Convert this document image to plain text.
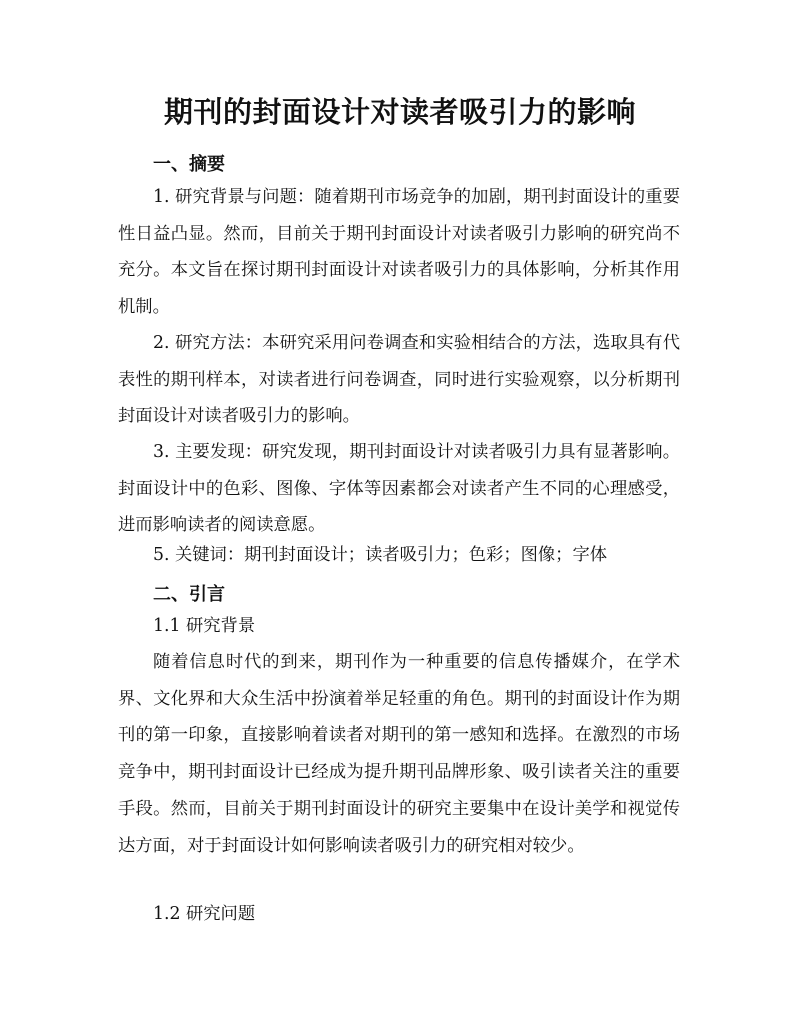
期刊的封面设计对读者吸引力的影响
一、摘要

1. 研究背景与问题：随着期刊市场竞争的加剧，期刊封面设计的重要性日益凸显。然而，目前关于期刊封面设计对读者吸引力影响的研究尚不充分。本文旨在探讨期刊封面设计对读者吸引力的具体影响，分析其作用机制。

2. 研究方法：本研究采用问卷调查和实验相结合的方法，选取具有代表性的期刊样本，对读者进行问卷调查，同时进行实验观察，以分析期刊封面设计对读者吸引力的影响。

3. 主要发现：研究发现，期刊封面设计对读者吸引力具有显著影响。封面设计中的色彩、图像、字体等因素都会对读者产生不同的心理感受，进而影响读者的阅读意愿。

5. 关键词：期刊封面设计；读者吸引力；色彩；图像；字体

二、引言

1.1 研究背景

随着信息时代的到来，期刊作为一种重要的信息传播媒介，在学术界、文化界和大众生活中扮演着举足轻重的角色。期刊的封面设计作为期刊的第一印象，直接影响着读者对期刊的第一感知和选择。在激烈的市场竞争中，期刊封面设计已经成为提升期刊品牌形象、吸引读者关注的重要手段。然而，目前关于期刊封面设计的研究主要集中在设计美学和视觉传达方面，对于封面设计如何影响读者吸引力的研究相对较少。

1.2 研究问题
